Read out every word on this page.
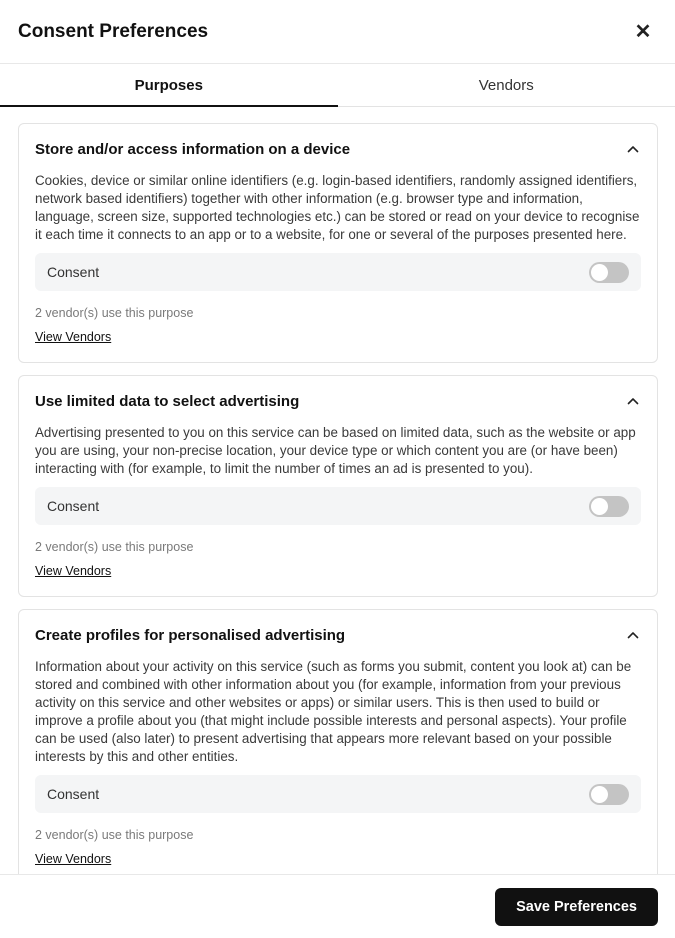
Consent Preferences	✕
Purposes	Vendors
Store and/or access information on a device

Cookies, device or similar online identifiers (e.g. login-based identifiers, randomly assigned identifiers, network based identifiers) together with other information (e.g. browser type and information, language, screen size, supported technologies etc.) can be stored or read on your device to recognise it each time it connects to an app or to a website, for one or several of the purposes presented here.

Consent
2 vendor(s) use this purpose
View Vendors
Use limited data to select advertising

Advertising presented to you on this service can be based on limited data, such as the website or app you are using, your non-precise location, your device type or which content you are (or have been) interacting with (for example, to limit the number of times an ad is presented to you).

Consent
2 vendor(s) use this purpose
View Vendors
Create profiles for personalised advertising

Information about your activity on this service (such as forms you submit, content you look at) can be stored and combined with other information about you (for example, information from your previous activity on this service and other websites or apps) or similar users. This is then used to build or improve a profile about you (that might include possible interests and personal aspects). Your profile can be used (also later) to present advertising that appears more relevant based on your possible interests by this and other entities.

Consent
2 vendor(s) use this purpose
View Vendors
Save Preferences
